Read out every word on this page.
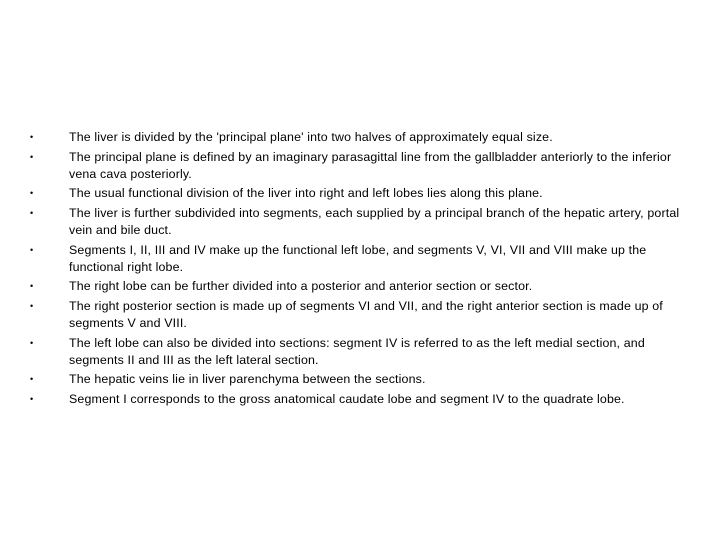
•	The liver is divided by the 'principal plane' into two halves of approximately equal size.
•	The principal plane is defined by an imaginary parasagittal line from the gallbladder anteriorly to the inferior vena cava posteriorly.
•	The usual functional division of the liver into right and left lobes lies along this plane.
•	The liver is further subdivided into segments, each supplied by a principal branch of the hepatic artery, portal vein and bile duct.
•	Segments I, II, III and IV make up the functional left lobe, and segments V, VI, VII and VIII make up the functional right lobe.
•	The right lobe can be further divided into a posterior and anterior section or sector.
•	The right posterior section is made up of segments VI and VII, and the right anterior section is made up of segments V and VIII.
•	The left lobe can also be divided into sections: segment IV is referred to as the left medial section, and segments II and III as the left lateral section.
•	The hepatic veins lie in liver parenchyma between the sections.
•	Segment I corresponds to the gross anatomical caudate lobe and segment IV to the quadrate lobe.
